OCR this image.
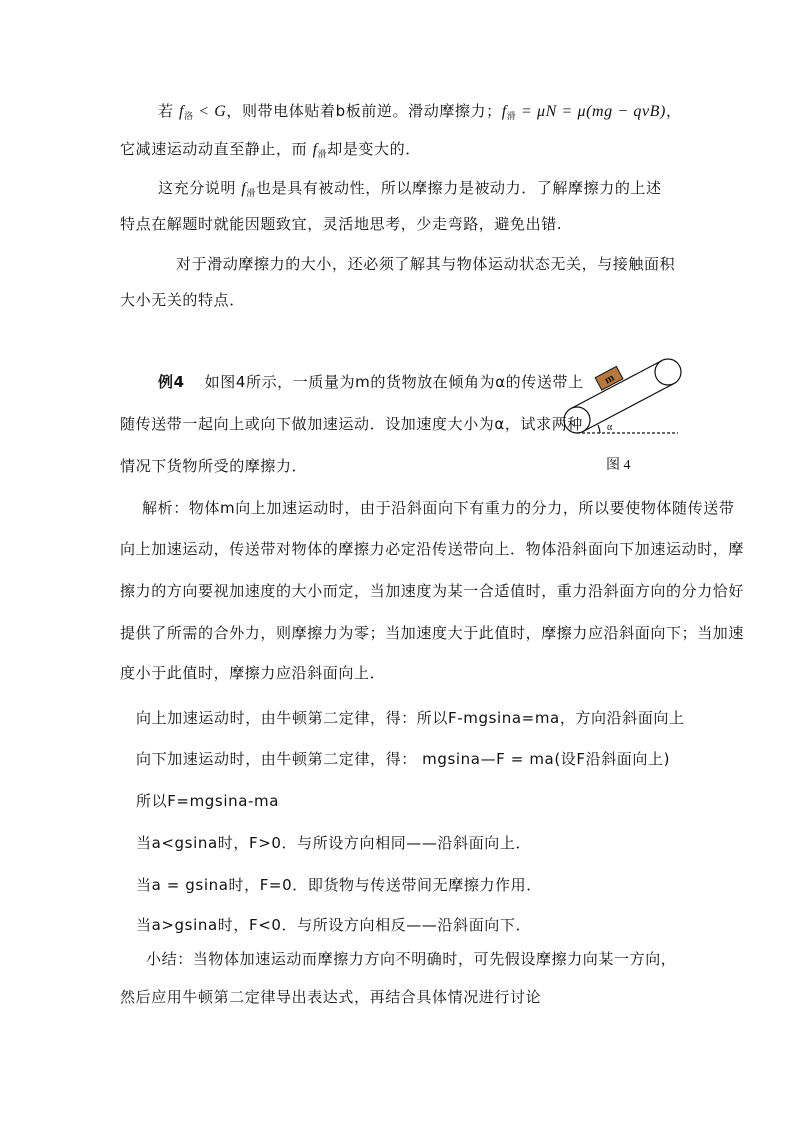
若 $f_洛 < G$，则带电体贴着b板前逆。滑动摩擦力；$f_滑 = \mu N = \mu(mg - qvB)$，
它减速运动动直至静止，而 $f_滑$却是变大的．
这充分说明 $f_滑$也是具有被动性，所以摩擦力是被动力．了解摩擦力的上述
特点在解题时就能因题致宜，灵活地思考，少走弯路，避免出错.
对于滑动摩擦力的大小，还必须了解其与物体运动状态无关，与接触面积
大小无关的特点．
例4 如图4所示，一质量为m的货物放在倾角为α的传送带上
随传送带一起向上或向下做加速运动．设加速度大小为α，试求两种
情况下货物所受的摩擦力．
m
α
图 4
解析：物体m向上加速运动时，由于沿斜面向下有重力的分力，所以要使物体随传送带
向上加速运动，传送带对物体的摩擦力必定沿传送带向上．物体沿斜面向下加速运动时，摩
擦力的方向要视加速度的大小而定，当加速度为某一合适值时，重力沿斜面方向的分力恰好
提供了所需的合外力，则摩擦力为零；当加速度大于此值时，摩擦力应沿斜面向下；当加速
度小于此值时，摩擦力应沿斜面向上．
向上加速运动时，由牛顿第二定律，得：所以F-mgsina=ma，方向沿斜面向上
向下加速运动时，由牛顿第二定律，得： mgsina—F = ma(设F沿斜面向上)
所以F=mgsina-ma
当a<gsina时，F>0．与所设方向相同——沿斜面向上．
当a = gsina时，F=0．即货物与传送带间无摩擦力作用．
当a>gsina时，F<0．与所设方向相反——沿斜面向下．
小结：当物体加速运动而摩擦力方向不明确时，可先假设摩擦力向某一方向，
然后应用牛顿第二定律导出表达式，再结合具体情况进行讨论
